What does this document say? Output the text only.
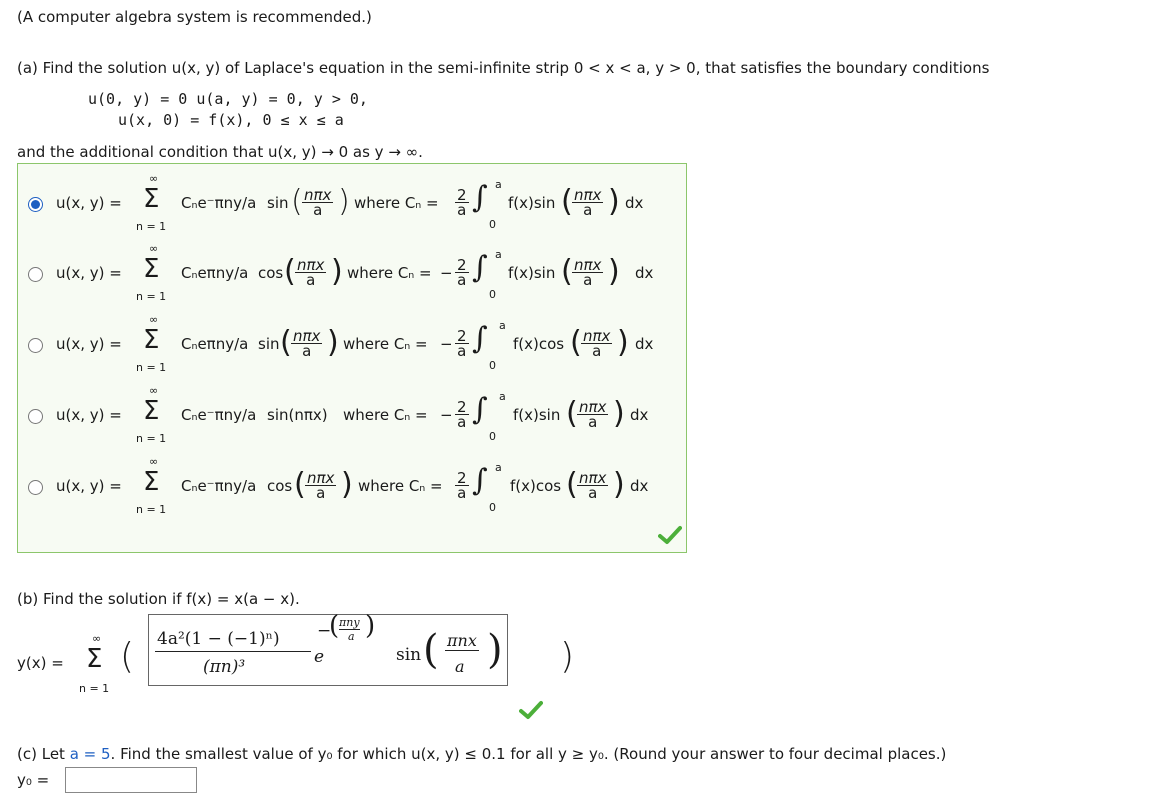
(A computer algebra system is recommended.)
(a) Find the solution u(x, y) of Laplace's equation in the semi-infinite strip 0 < x < a, y > 0, that satisfies the boundary conditions
u(0, y) = 0 u(a, y) = 0, y > 0,
u(x, 0) = f(x), 0 ≤ x ≤ a
and the additional condition that u(x, y) → 0 as y → ∞.
u(x, y) =
∞
Σ
n = 1
Cₙe⁻πny/a sin ( nπx
a ) where $C_n = \frac{2}{a}$ ∫ a
0
f(x)sin ( nπx
a ) dx
u(x, y) =
∞
Σ
n = 1
Cₙeπny/a cos ( nπx
a ) where Cₙ = − $\frac{2}{a}$ ∫ a
0
f(x)sin ( nπx
a ) dx
u(x, y) =
∞
Σ
n = 1
Cₙeπny/a sin ( nπx
a ) where Cₙ = − $\frac{2}{a}$ ∫ a
0
f(x)cos ( nπx
a ) dx
u(x, y) =
∞
Σ
n = 1
Cₙe⁻πny/a sin(nπx) where Cₙ = − $\frac{2}{a}$ ∫ a
0
f(x)sin ( nπx
a ) dx
u(x, y) =
∞
Σ
n = 1
Cₙe⁻πny/a cos ( nπx
a ) where $C_n = \frac{2}{a}$ ∫ a
0
f(x)cos ( nπx
a ) dx
(b) Find the solution if f(x) = x(a − x).
y(x) =
∞
Σ
n = 1
( 4a²(1 − (−1)ⁿ)
(πn)³
−
( πny
a )
e	sin ( πnx
a ) )
(c) Let a = 5. Find the smallest value of y₀ for which u(x, y) ≤ 0.1 for all y ≥ y₀. (Round your answer to four decimal places.)
y₀ =
